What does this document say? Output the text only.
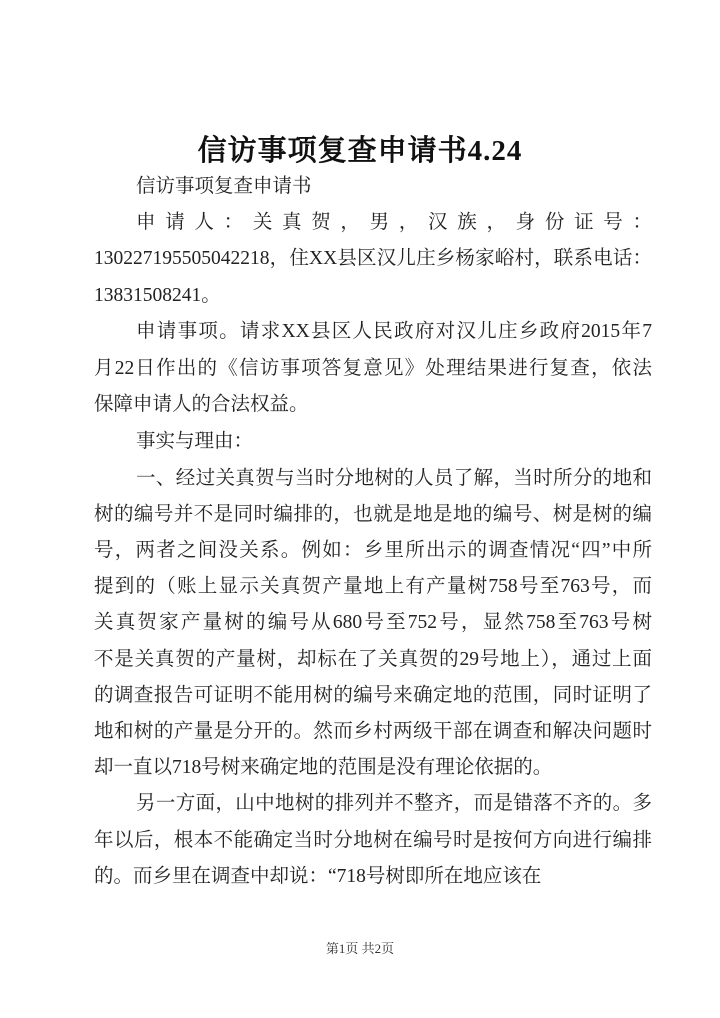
信访事项复查申请书4.24
信访事项复查申请书
申 请 人 ： 关 真 贺 ， 男 ， 汉 族 ， 身 份 证 号 ：
130227195505042218，住XX县区汉儿庄乡杨家峪村，联系电话：
13831508241。
申请事项。请求XX县区人民政府对汉儿庄乡政府2015年7
月22日作出的《信访事项答复意见》处理结果进行复查，依法
保障申请人的合法权益。
事实与理由：
一、经过关真贺与当时分地树的人员了解，当时所分的地和
树的编号并不是同时编排的，也就是地是地的编号、树是树的编
号，两者之间没关系。例如：乡里所出示的调查情况“四”中所
提到的（账上显示关真贺产量地上有产量树758号至763号，而
关真贺家产量树的编号从680号至752号，显然758至763号树
不是关真贺的产量树，却标在了关真贺的29号地上），通过上面
的调查报告可证明不能用树的编号来确定地的范围，同时证明了
地和树的产量是分开的。然而乡村两级干部在调查和解决问题时
却一直以718号树来确定地的范围是没有理论依据的。
另一方面，山中地树的排列并不整齐，而是错落不齐的。多
年以后，根本不能确定当时分地树在编号时是按何方向进行编排
的。而乡里在调查中却说：“718号树即所在地应该在
第1页 共2页
